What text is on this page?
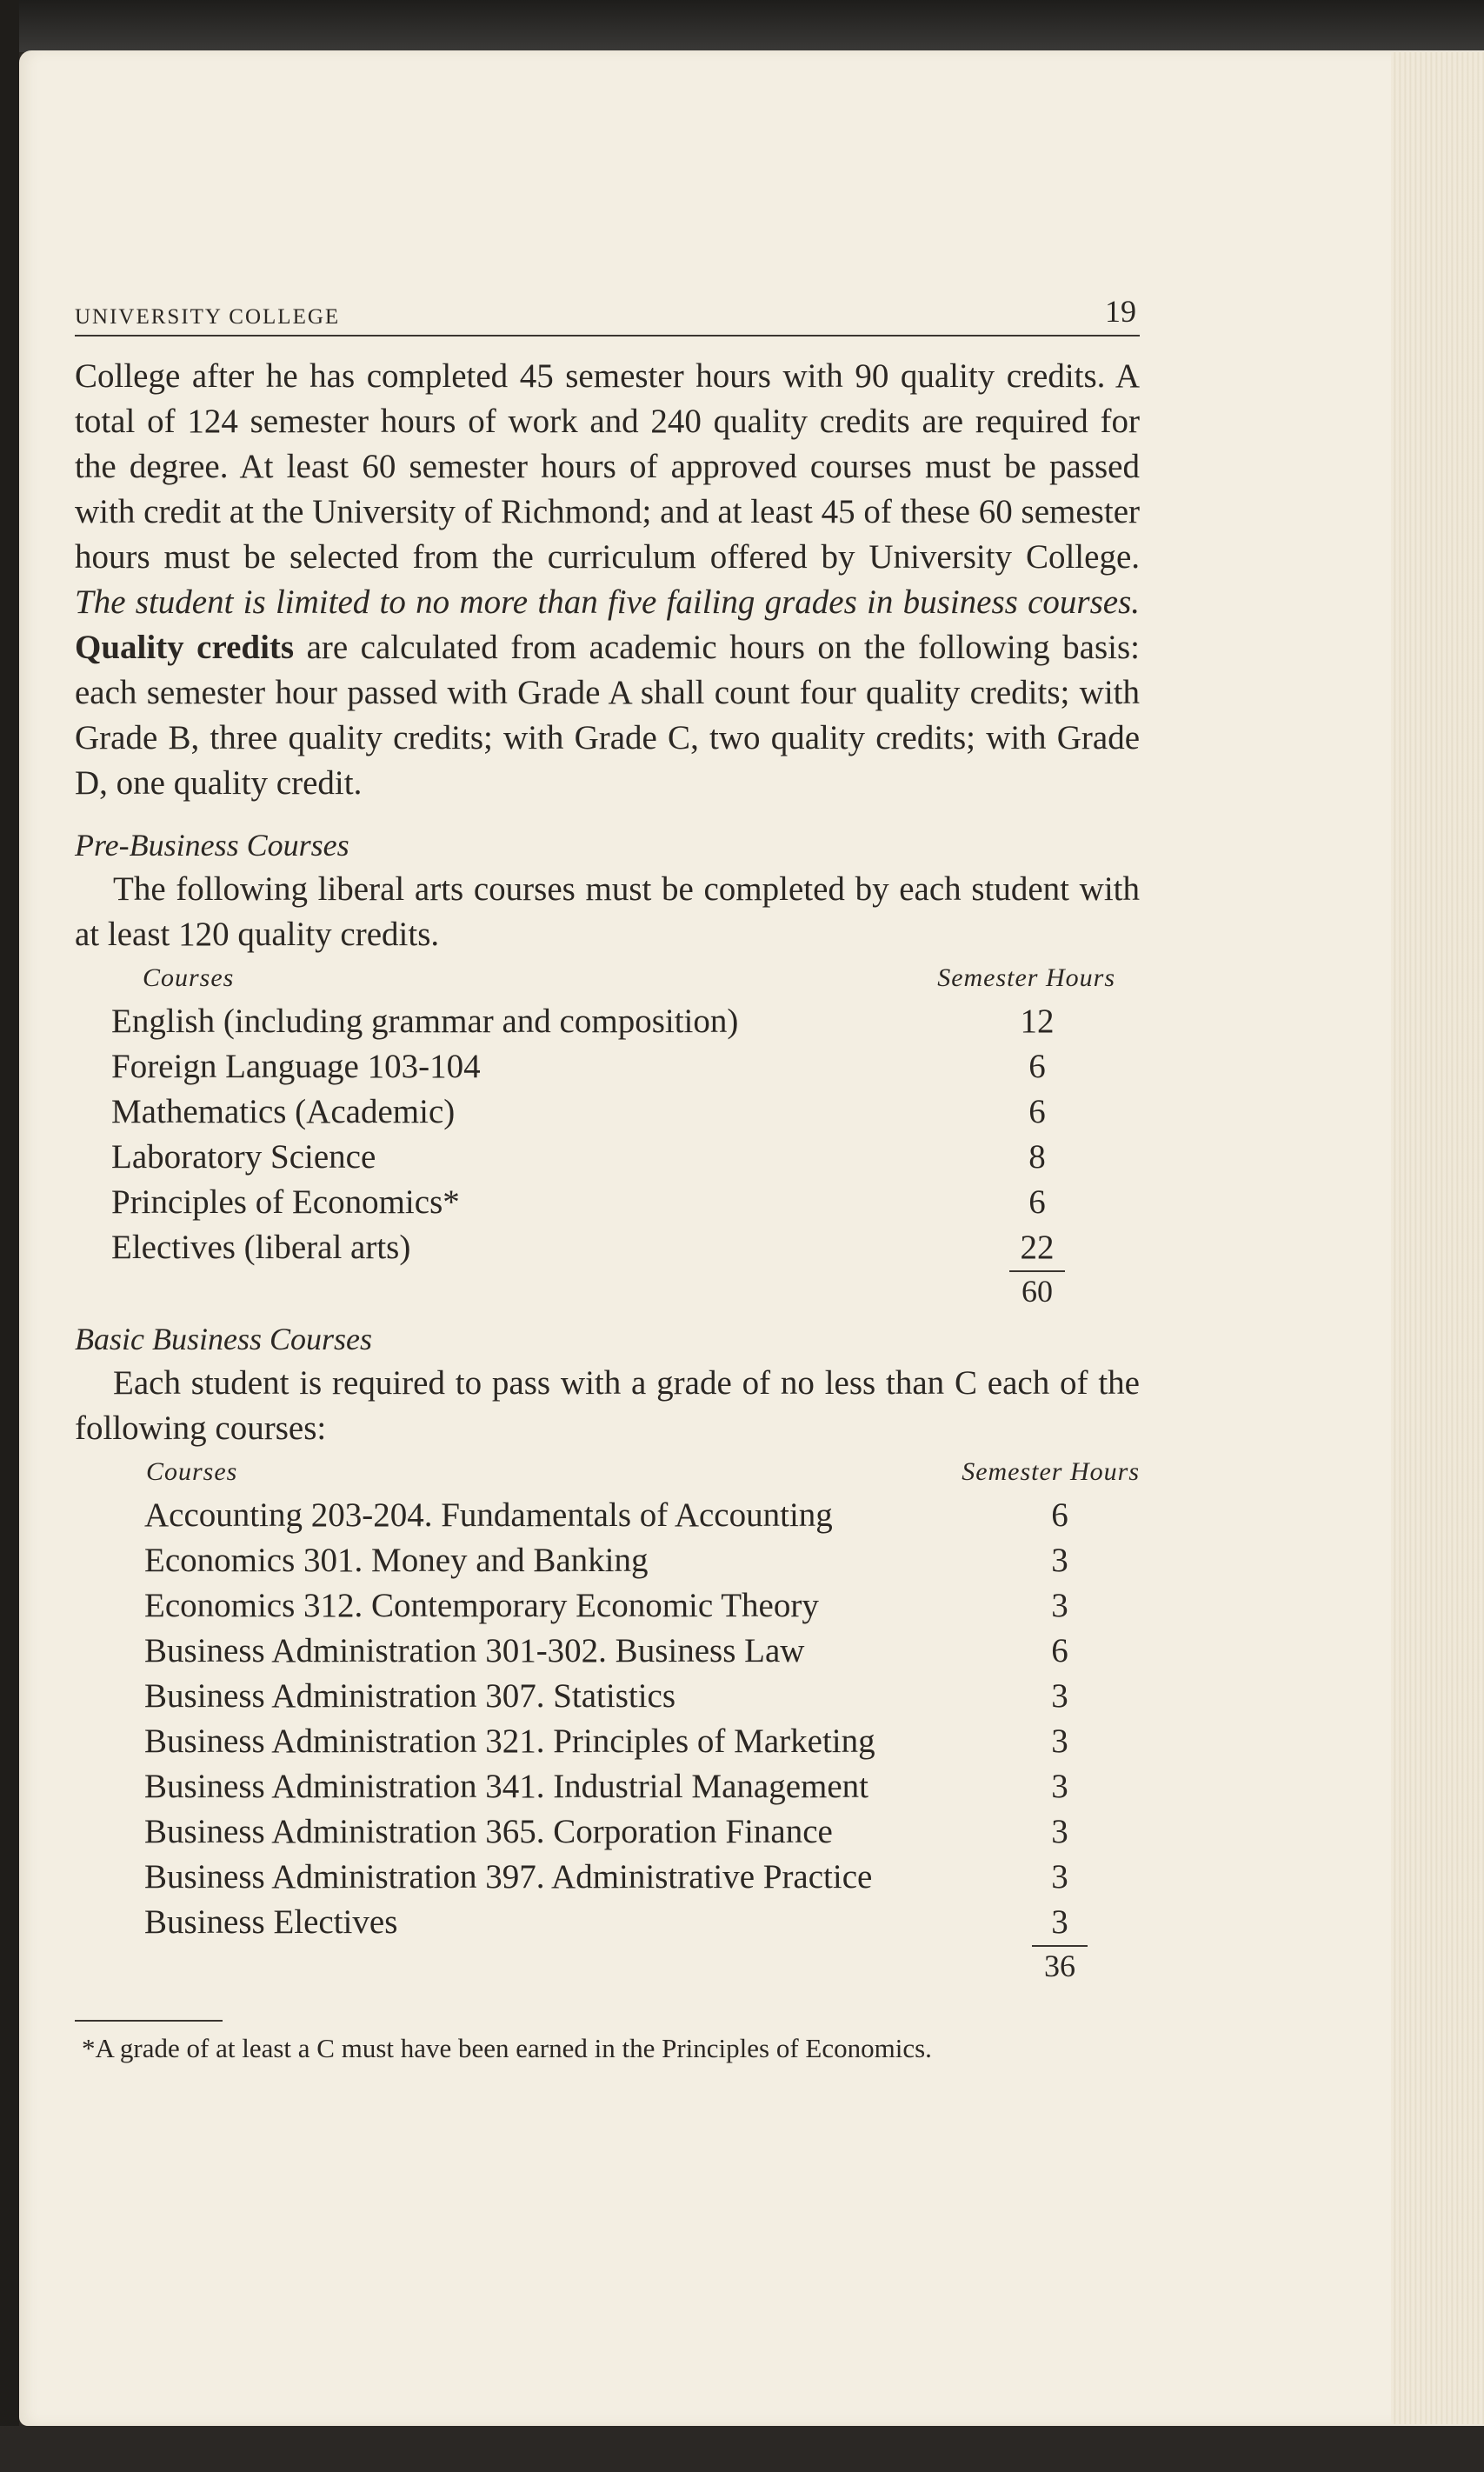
UNIVERSITY COLLEGE	19
College after he has completed 45 semester hours with 90 quality credits. A total of 124 semester hours of work and 240 quality credits are required for the degree. At least 60 semester hours of approved courses must be passed with credit at the University of Richmond; and at least 45 of these 60 semester hours must be selected from the curriculum offered by University College. The student is limited to no more than five failing grades in business courses. Quality credits are calculated from academic hours on the following basis: each semester hour passed with Grade A shall count four quality credits; with Grade B, three quality credits; with Grade C, two quality credits; with Grade D, one quality credit.
Pre-Business Courses
The following liberal arts courses must be completed by each student with at least 120 quality credits.
Courses	Semester Hours
English (including grammar and composition)	12
Foreign Language 103-104	6
Mathematics (Academic)	6
Laboratory Science	8
Principles of Economics*	6
Electives (liberal arts)	22
60
Basic Business Courses
Each student is required to pass with a grade of no less than C each of the following courses:
Courses	Semester Hours
Accounting 203-204. Fundamentals of Accounting	6
Economics 301. Money and Banking	3
Economics 312. Contemporary Economic Theory	3
Business Administration 301-302. Business Law	6
Business Administration 307. Statistics	3
Business Administration 321. Principles of Marketing	3
Business Administration 341. Industrial Management	3
Business Administration 365. Corporation Finance	3
Business Administration 397. Administrative Practice	3
Business Electives	3
36
*A grade of at least a C must have been earned in the Principles of Economics.
